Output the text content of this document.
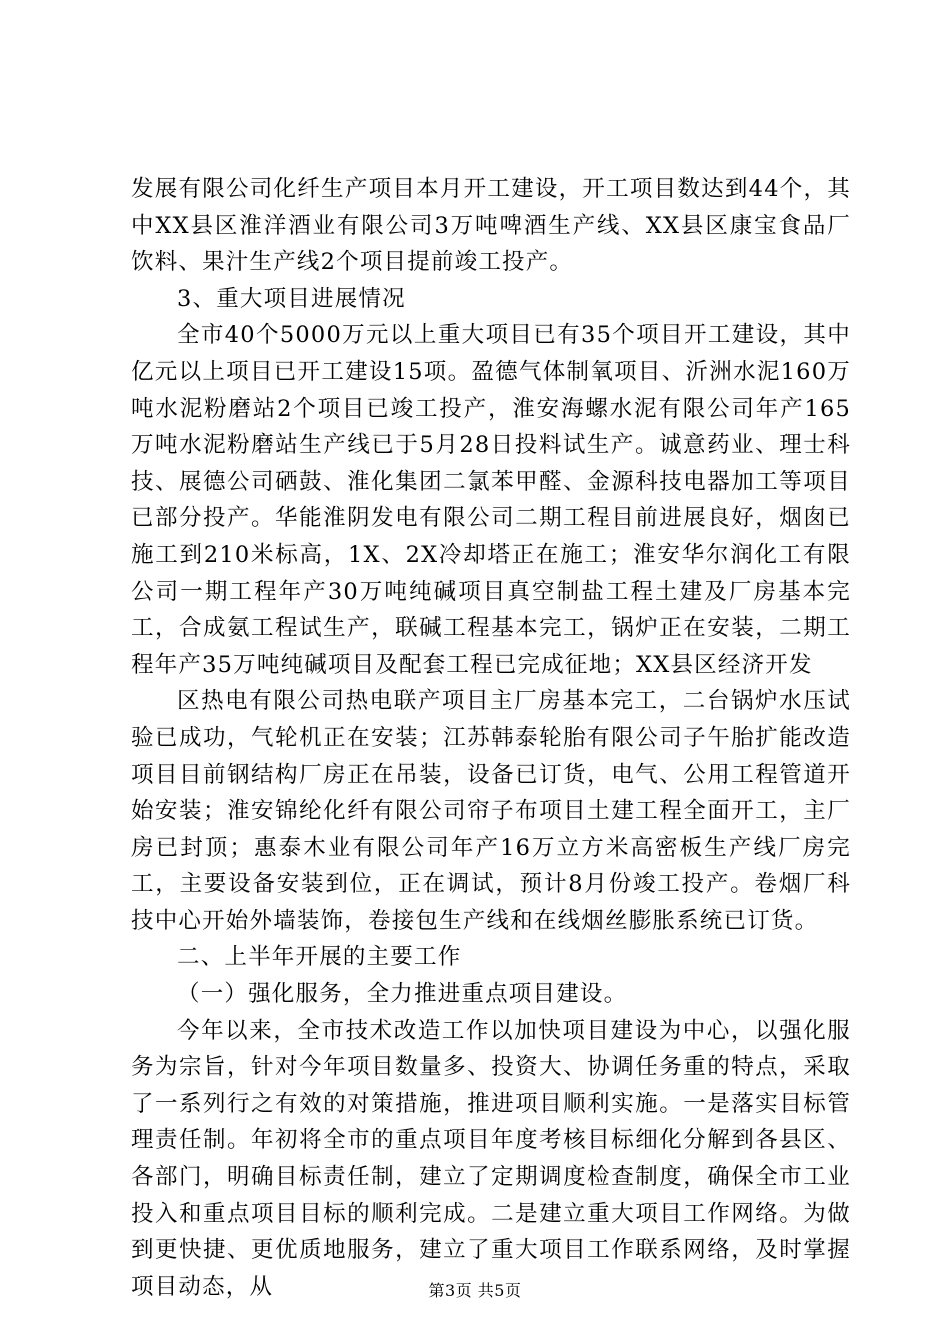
发展有限公司化纤生产项目本月开工建设，开工项目数达到44个，其中XX县区淮洋酒业有限公司3万吨啤酒生产线、XX县区康宝食品厂饮料、果汁生产线2个项目提前竣工投产。

3、重大项目进展情况

全市40个5000万元以上重大项目已有35个项目开工建设，其中亿元以上项目已开工建设15项。盈德气体制氧项目、沂洲水泥160万吨水泥粉磨站2个项目已竣工投产，淮安海螺水泥有限公司年产165万吨水泥粉磨站生产线已于5月28日投料试生产。诚意药业、理士科技、展德公司硒鼓、淮化集团二氯苯甲醛、金源科技电器加工等项目已部分投产。华能淮阴发电有限公司二期工程目前进展良好，烟囱已施工到210米标高，1X、2X冷却塔正在施工；淮安华尔润化工有限公司一期工程年产30万吨纯碱项目真空制盐工程土建及厂房基本完工，合成氨工程试生产，联碱工程基本完工，锅炉正在安装，二期工程年产35万吨纯碱项目及配套工程已完成征地；XX县区经济开发

区热电有限公司热电联产项目主厂房基本完工，二台锅炉水压试验已成功，气轮机正在安装；江苏韩泰轮胎有限公司子午胎扩能改造项目目前钢结构厂房正在吊装，设备已订货，电气、公用工程管道开始安装；淮安锦纶化纤有限公司帘子布项目土建工程全面开工，主厂房已封顶；惠泰木业有限公司年产16万立方米高密板生产线厂房完工，主要设备安装到位，正在调试，预计8月份竣工投产。卷烟厂科技中心开始外墙装饰，卷接包生产线和在线烟丝膨胀系统已订货。

二、上半年开展的主要工作

（一）强化服务，全力推进重点项目建设。

今年以来，全市技术改造工作以加快项目建设为中心，以强化服务为宗旨，针对今年项目数量多、投资大、协调任务重的特点，采取了一系列行之有效的对策措施，推进项目顺利实施。一是落实目标管理责任制。年初将全市的重点项目年度考核目标细化分解到各县区、各部门，明确目标责任制，建立了定期调度检查制度，确保全市工业投入和重点项目目标的顺利完成。二是建立重大项目工作网络。为做到更快捷、更优质地服务，建立了重大项目工作联系网络，及时掌握项目动态，从	第3页 共5页
